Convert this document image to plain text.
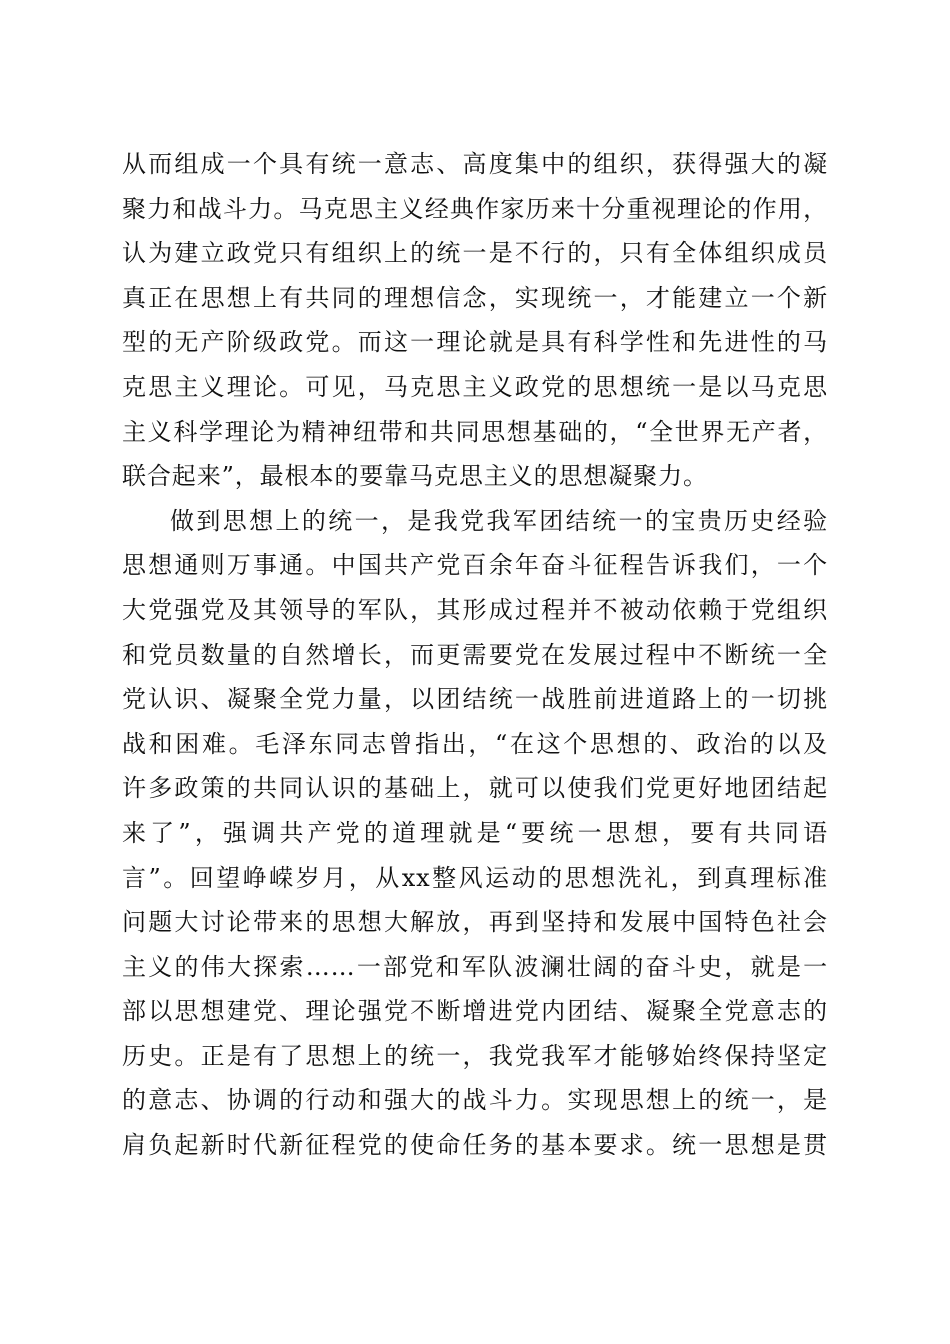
从而组成一个具有统一意志、高度集中的组织，获得强大的凝
聚力和战斗力。马克思主义经典作家历来十分重视理论的作用，
认为建立政党只有组织上的统一是不行的，只有全体组织成员
真正在思想上有共同的理想信念，实现统一，才能建立一个新
型的无产阶级政党。而这一理论就是具有科学性和先进性的马
克思主义理论。可见，马克思主义政党的思想统一是以马克思
主义科学理论为精神纽带和共同思想基础的，“全世界无产者，
联合起来”，最根本的要靠马克思主义的思想凝聚力。
做到思想上的统一，是我党我军团结统一的宝贵历史经验
思想通则万事通。中国共产党百余年奋斗征程告诉我们，一个
大党强党及其领导的军队，其形成过程并不被动依赖于党组织
和党员数量的自然增长，而更需要党在发展过程中不断统一全
党认识、凝聚全党力量，以团结统一战胜前进道路上的一切挑
战和困难。毛泽东同志曾指出，“在这个思想的、政治的以及
许多政策的共同认识的基础上，就可以使我们党更好地团结起
来了”，强调共产党的道理就是“要统一思想，要有共同语
言”。回望峥嵘岁月，从xx整风运动的思想洗礼，到真理标准
问题大讨论带来的思想大解放，再到坚持和发展中国特色社会
主义的伟大探索……一部党和军队波澜壮阔的奋斗史，就是一
部以思想建党、理论强党不断增进党内团结、凝聚全党意志的
历史。正是有了思想上的统一，我党我军才能够始终保持坚定
的意志、协调的行动和强大的战斗力。实现思想上的统一，是
肩负起新时代新征程党的使命任务的基本要求。统一思想是贯
